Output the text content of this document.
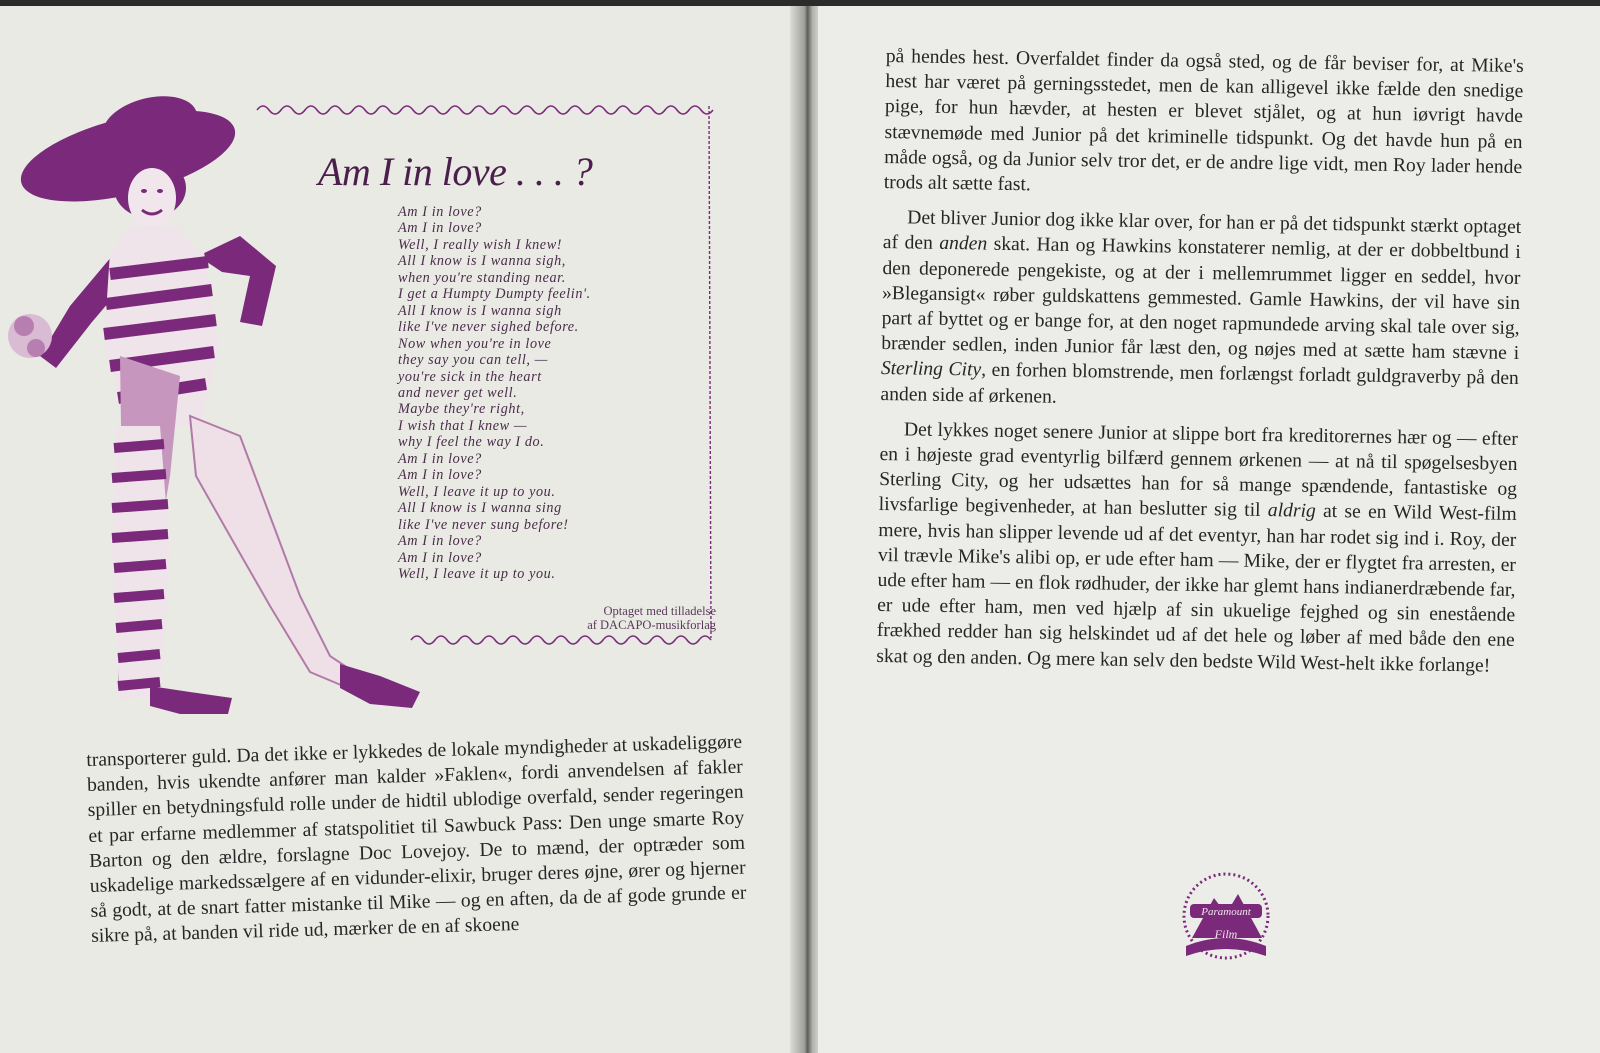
Am I in love . . . ?
Am I in love?
Am I in love?
Well, I really wish I knew!
All I know is I wanna sigh,
when you're standing near.
I get a Humpty Dumpty feelin'.
All I know is I wanna sigh
like I've never sighed before.
Now when you're in love
they say you can tell, —
you're sick in the heart
and never get well.
Maybe they're right,
I wish that I knew —
why I feel the way I do.
Am I in love?
Am I in love?
Well, I leave it up to you.
All I know is I wanna sing
like I've never sung before!
Am I in love?
Am I in love?
Well, I leave it up to you.
Optaget med tilladelse
af DACAPO-musikforlag

transporterer guld. Da det ikke er lykkedes de lokale myndigheder at uskadeliggøre banden, hvis ukendte anfører man kalder »Faklen«, fordi anvendelsen af fakler spiller en betydningsfuld rolle under de hidtil ublodige overfald, sender regeringen et par erfarne medlemmer af statspolitiet til Sawbuck Pass: Den unge smarte Roy Barton og den ældre, forslagne Doc Lovejoy. De to mænd, der optræder som uskadelige markedssælgere af en vidunder-elixir, bruger deres øjne, ører og hjerner så godt, at de snart fatter mistanke til Mike — og en aften, da de af gode grunde er sikre på, at banden vil ride ud, mærker de en af skoene

på hendes hest. Overfaldet finder da også sted, og de får beviser for, at Mike's hest har været på gerningsstedet, men de kan alligevel ikke fælde den snedige pige, for hun hævder, at hesten er blevet stjålet, og at hun iøvrigt havde stævnemøde med Junior på det kriminelle tidspunkt. Og det havde hun på en måde også, og da Junior selv tror det, er de andre lige vidt, men Roy lader hende trods alt sætte fast.

Det bliver Junior dog ikke klar over, for han er på det tidspunkt stærkt optaget af den anden skat. Han og Hawkins konstaterer nemlig, at der er dobbeltbund i den deponerede pengekiste, og at der i mellemrummet ligger en seddel, hvor »Blegansigt« røber guldskattens gemmested. Gamle Hawkins, der vil have sin part af byttet og er bange for, at den noget rapmundede arving skal tale over sig, brænder sedlen, inden Junior får læst den, og nøjes med at sætte ham stævne i Sterling City, en forhen blomstrende, men forlængst forladt guldgraverby på den anden side af ørkenen.

Det lykkes noget senere Junior at slippe bort fra kreditorernes hær og — efter en i højeste grad eventyrlig bilfærd gennem ørkenen — at nå til spøgelsesbyen Sterling City, og her udsættes han for så mange spændende, fantastiske og livsfarlige begivenheder, at han beslutter sig til aldrig at se en Wild West-film mere, hvis han slipper levende ud af det eventyr, han har rodet sig ind i. Roy, der vil trævle Mike's alibi op, er ude efter ham — Mike, der er flygtet fra arresten, er ude efter ham — en flok rødhuder, der ikke har glemt hans indianerdræbende far, er ude efter ham, men ved hjælp af sin ukuelige fejghed og sin enestående frækhed redder han sig helskindet ud af det hele og løber af med både den ene skat og den anden. Og mere kan selv den bedste Wild West-helt ikke forlange!

Paramount
Film
